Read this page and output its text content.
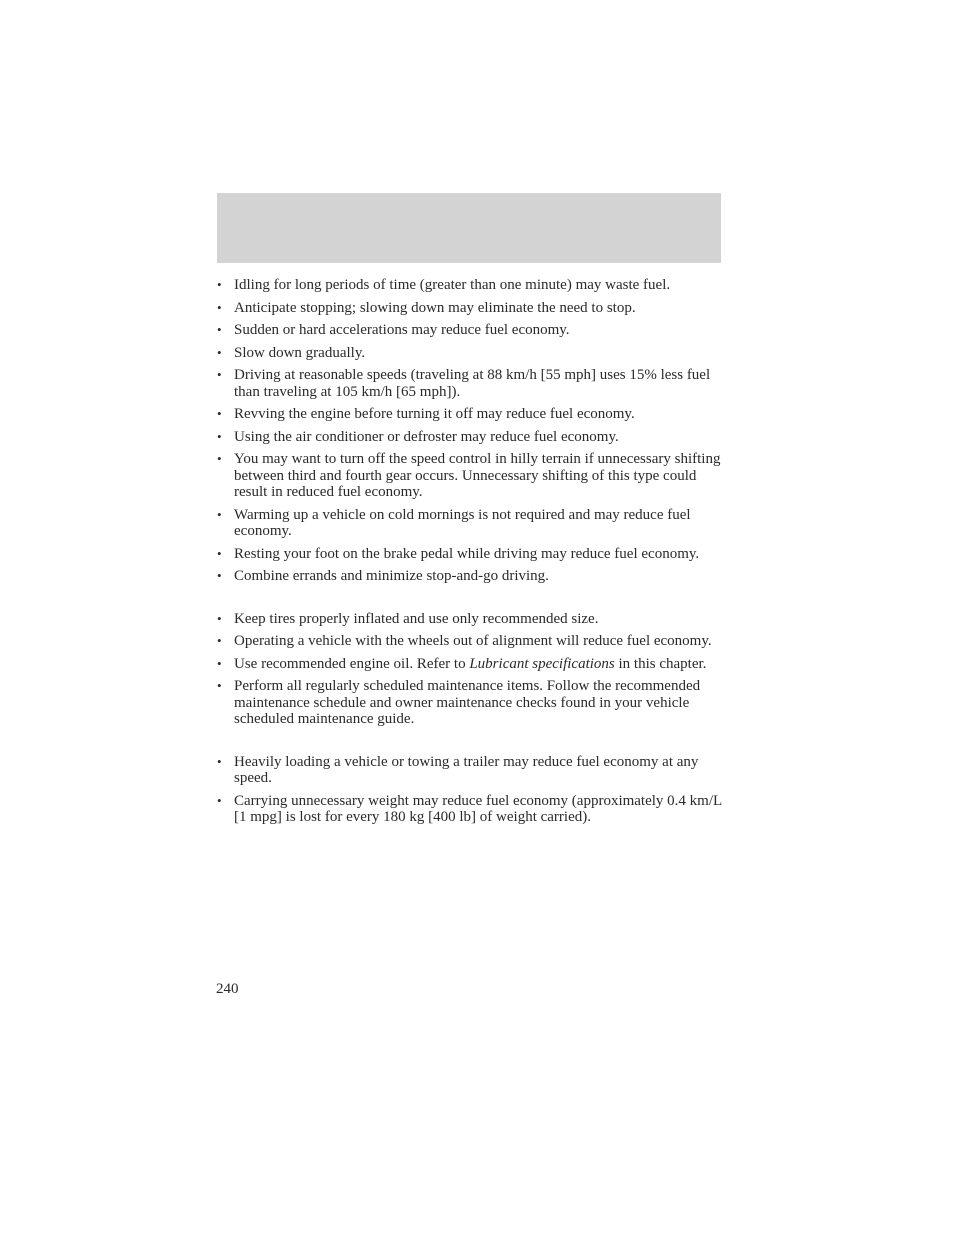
• Idling for long periods of time (greater than one minute) may waste fuel.
• Anticipate stopping; slowing down may eliminate the need to stop.
• Sudden or hard accelerations may reduce fuel economy.
• Slow down gradually.
• Driving at reasonable speeds (traveling at 88 km/h [55 mph] uses 15% less fuel than traveling at 105 km/h [65 mph]).
• Revving the engine before turning it off may reduce fuel economy.
• Using the air conditioner or defroster may reduce fuel economy.
• You may want to turn off the speed control in hilly terrain if unnecessary shifting between third and fourth gear occurs. Unnecessary shifting of this type could result in reduced fuel economy.
• Warming up a vehicle on cold mornings is not required and may reduce fuel economy.
• Resting your foot on the brake pedal while driving may reduce fuel economy.
• Combine errands and minimize stop-and-go driving.
• Keep tires properly inflated and use only recommended size.
• Operating a vehicle with the wheels out of alignment will reduce fuel economy.
• Use recommended engine oil. Refer to Lubricant specifications in this chapter.
• Perform all regularly scheduled maintenance items. Follow the recommended maintenance schedule and owner maintenance checks found in your vehicle scheduled maintenance guide.
• Heavily loading a vehicle or towing a trailer may reduce fuel economy at any speed.
• Carrying unnecessary weight may reduce fuel economy (approximately 0.4 km/L [1 mpg] is lost for every 180 kg [400 lb] of weight carried).
240
